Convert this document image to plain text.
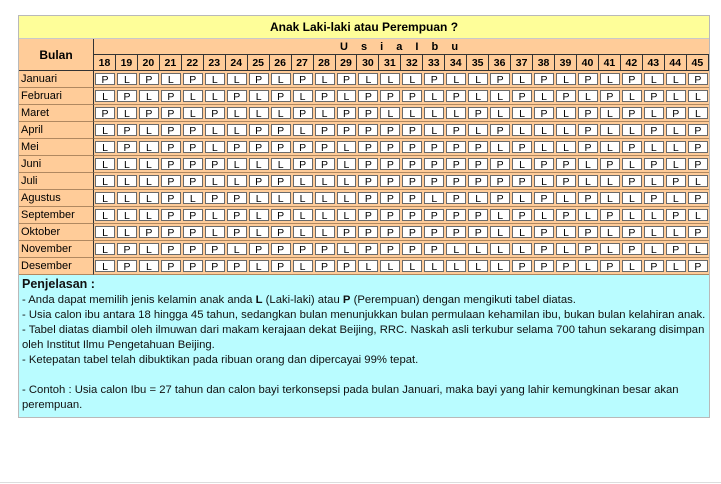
Anak Laki-laki atau Perempuan ?
Bulan	U s i a I b u																											
	18	19	20	21	22	23	24	25	26	27	28	29	30	31	32	33	34	35	36	37	38	39	40	41	42	43	44	45
Januari	P	L	P	L	P	L	L	P	L	P	L	P	L	L	L	P	L	L	P	L	P	L	P	L	P	L	L	P

Februari	L	P	L	P	L	L	P	L	P	L	P	L	P	P	P	L	P	L	L	P	L	P	L	P	L	P	L	L

Maret	P	L	P	P	L	P	L	L	L	P	L	P	P	L	L	L	L	P	L	L	P	L	P	L	P	L	P	L

April	L	P	L	P	P	L	L	P	P	L	P	P	P	P	P	L	P	L	P	L	L	L	P	L	L	P	L	P

Mei	L	P	L	P	P	L	P	P	P	P	P	L	P	P	P	P	P	P	L	P	L	L	P	L	P	L	L	P

Juni	L	L	L	P	P	P	L	L	L	P	P	L	P	P	P	P	P	P	P	L	P	P	L	P	L	P	L	P

Juli	L	L	L	P	P	L	L	P	P	L	L	L	P	P	P	P	P	P	P	P	L	P	L	L	P	L	P	L

Agustus	L	L	L	P	L	P	P	L	L	L	L	L	P	P	P	L	P	L	P	L	P	L	P	L	L	P	L	P

September	L	L	L	P	P	L	P	L	P	L	L	L	P	P	P	P	P	P	L	P	L	P	L	P	L	L	P	L

Oktober	L	L	P	P	P	L	P	L	P	L	L	P	P	P	P	P	P	P	L	L	P	L	P	L	P	L	L	P

November	L	P	L	P	P	P	L	P	P	P	P	L	P	P	P	P	L	L	L	L	P	L	P	L	P	L	P	L

Desember	L	P	L	P	P	P	P	L	P	L	P	P	L	L	L	L	L	L	L	P	P	P	L	P	L	P	L	P
Penjelasan :

- Anda dapat memilih jenis kelamin anak anda L (Laki-laki) atau P (Perempuan) dengan mengikuti tabel diatas.

- Usia calon ibu antara 18 hingga 45 tahun, sedangkan bulan menunjukkan bulan permulaan kehamilan ibu, bukan bulan kelahiran anak.

- Tabel diatas diambil oleh ilmuwan dari makam kerajaan dekat Beijing, RRC. Naskah asli terkubur selama 700 tahun sekarang disimpan oleh Institut Ilmu Pengetahuan Beijing.

- Ketepatan tabel telah dibuktikan pada ribuan orang dan dipercayai 99% tepat.

- Contoh : Usia calon Ibu = 27 tahun dan calon bayi terkonsepsi pada bulan Januari, maka bayi yang lahir kemungkinan besar akan perempuan.
